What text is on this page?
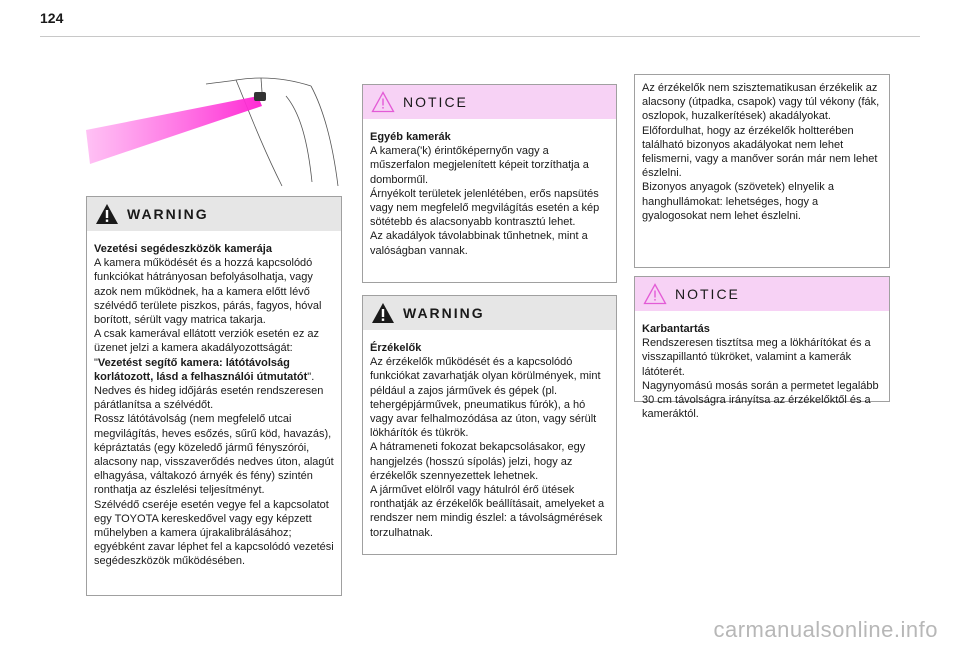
124
WARNING

Vezetési segédeszközök kamerája

A kamera működését és a hozzá kapcsolódó funkciókat hátrányosan befolyásolhatja, vagy azok nem működnek, ha a kamera előtt lévő szélvédő területe piszkos, párás, fagyos, hóval borított, sérült vagy matrica takarja.

A csak kamerával ellátott verziók esetén ez az üzenet jelzi a kamera akadályozottságát: "Vezetést segítő kamera: látótávolság korlátozott, lásd a felhasználói útmutatót".

Nedves és hideg időjárás esetén rendszeresen párátlanítsa a szélvédőt.

Rossz látótávolság (nem megfelelő utcai megvilágítás, heves esőzés, sűrű köd, havazás), képráztatás (egy közeledő jármű fényszórói, alacsony nap, visszaverődés nedves úton, alagút elhagyása, váltakozó árnyék és fény) szintén ronthatja az észlelési teljesítményt.

Szélvédő cseréje esetén vegye fel a kapcsolatot egy TOYOTA kereskedővel vagy egy képzett műhelyben a kamera újrakalibrálásához; egyébként zavar léphet fel a kapcsolódó vezetési segédeszközök működésében.

NOTICE

Egyéb kamerák

A kamera('k) érintőképernyőn vagy a műszerfalon megjelenített képeit torzíthatja a domborműl.

Árnyékolt területek jelenlétében, erős napsütés vagy nem megfelelő megvilágítás esetén a kép sötétebb és alacsonyabb kontrasztú lehet.

Az akadályok távolabbinak tűnhetnek, mint a valóságban vannak.

WARNING

Érzékelők

Az érzékelők működését és a kapcsolódó funkciókat zavarhatják olyan körülmények, mint például a zajos járművek és gépek (pl. tehergépjárművek, pneumatikus fúrók), a hó vagy avar felhalmozódása az úton, vagy sérült lökhárítók és tükrök.

A hátrameneti fokozat bekapcsolásakor, egy hangjelzés (hosszú sípolás) jelzi, hogy az érzékelők szennyezettek lehetnek.

A járművet elölről vagy hátulról érő ütések ronthatják az érzékelők beállításait, amelyeket a rendszer nem mindig észlel: a távolságmérések torzulhatnak.

Az érzékelők nem szisztematikusan érzékelik az alacsony (útpadka, csapok) vagy túl vékony (fák, oszlopok, huzalkerítések) akadályokat.

Előfordulhat, hogy az érzékelők holtterében található bizonyos akadályokat nem lehet felismerni, vagy a manőver során már nem lehet észlelni.

Bizonyos anyagok (szövetek) elnyelik a hanghullámokat: lehetséges, hogy a gyalogosokat nem lehet észlelni.

NOTICE

Karbantartás

Rendszeresen tisztítsa meg a lökhárítókat és a visszapillantó tükröket, valamint a kamerák látóterét.

Nagynyomású mosás során a permetet legalább 30 cm távolságra irányítsa az érzékelőktől és a kameráktól.

carmanualsonline.info
